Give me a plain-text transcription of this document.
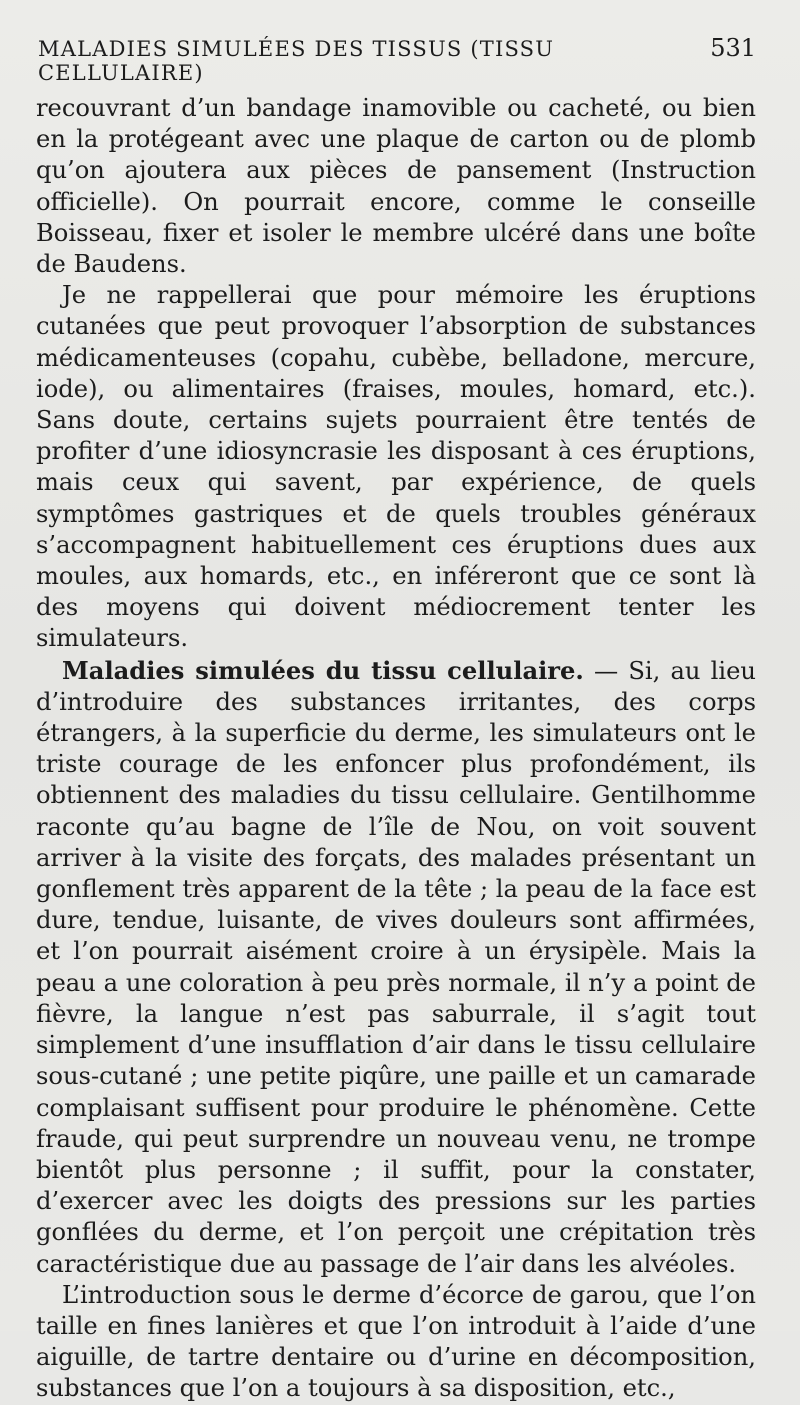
MALADIES SIMULÉES DES TISSUS (TISSU CELLULAIRE)
531

recouvrant d’un bandage inamovible ou cacheté, ou bien en la protégeant avec une plaque de carton ou de plomb qu’on ajoutera aux pièces de pansement (Instruction officielle). On pourrait encore, comme le conseille Boisseau, fixer et isoler le membre ulcéré dans une boîte de Baudens.

Je ne rappellerai que pour mémoire les éruptions cutanées que peut provoquer l’absorption de substances médicamenteuses (copahu, cubèbe, belladone, mercure, iode), ou alimentaires (fraises, moules, homard, etc.). Sans doute, certains sujets pourraient être tentés de profiter d’une idiosyncrasie les disposant à ces éruptions, mais ceux qui savent, par expérience, de quels symptômes gastriques et de quels troubles généraux s’accompagnent habituellement ces éruptions dues aux moules, aux homards, etc., en inféreront que ce sont là des moyens qui doivent médiocrement tenter les simulateurs.

Maladies simulées du tissu cellulaire. — Si, au lieu d’introduire des substances irritantes, des corps étrangers, à la superficie du derme, les simulateurs ont le triste courage de les enfoncer plus profondément, ils obtiennent des maladies du tissu cellulaire. Gentilhomme raconte qu’au bagne de l’île de Nou, on voit souvent arriver à la visite des forçats, des malades présentant un gonflement très apparent de la tête ; la peau de la face est dure, tendue, luisante, de vives douleurs sont affirmées, et l’on pourrait aisément croire à un érysipèle. Mais la peau a une coloration à peu près normale, il n’y a point de fièvre, la langue n’est pas saburrale, il s’agit tout simplement d’une insufflation d’air dans le tissu cellulaire sous-cutané ; une petite piqûre, une paille et un camarade complaisant suffisent pour produire le phénomène. Cette fraude, qui peut surprendre un nouveau venu, ne trompe bientôt plus personne ; il suffit, pour la constater, d’exercer avec les doigts des pressions sur les parties gonflées du derme, et l’on perçoit une crépitation très caractéristique due au passage de l’air dans les alvéoles.

L’introduction sous le derme d’écorce de garou, que l’on taille en fines lanières et que l’on introduit à l’aide d’une aiguille, de tartre dentaire ou d’urine en décomposition, substances que l’on a toujours à sa disposition, etc.,
